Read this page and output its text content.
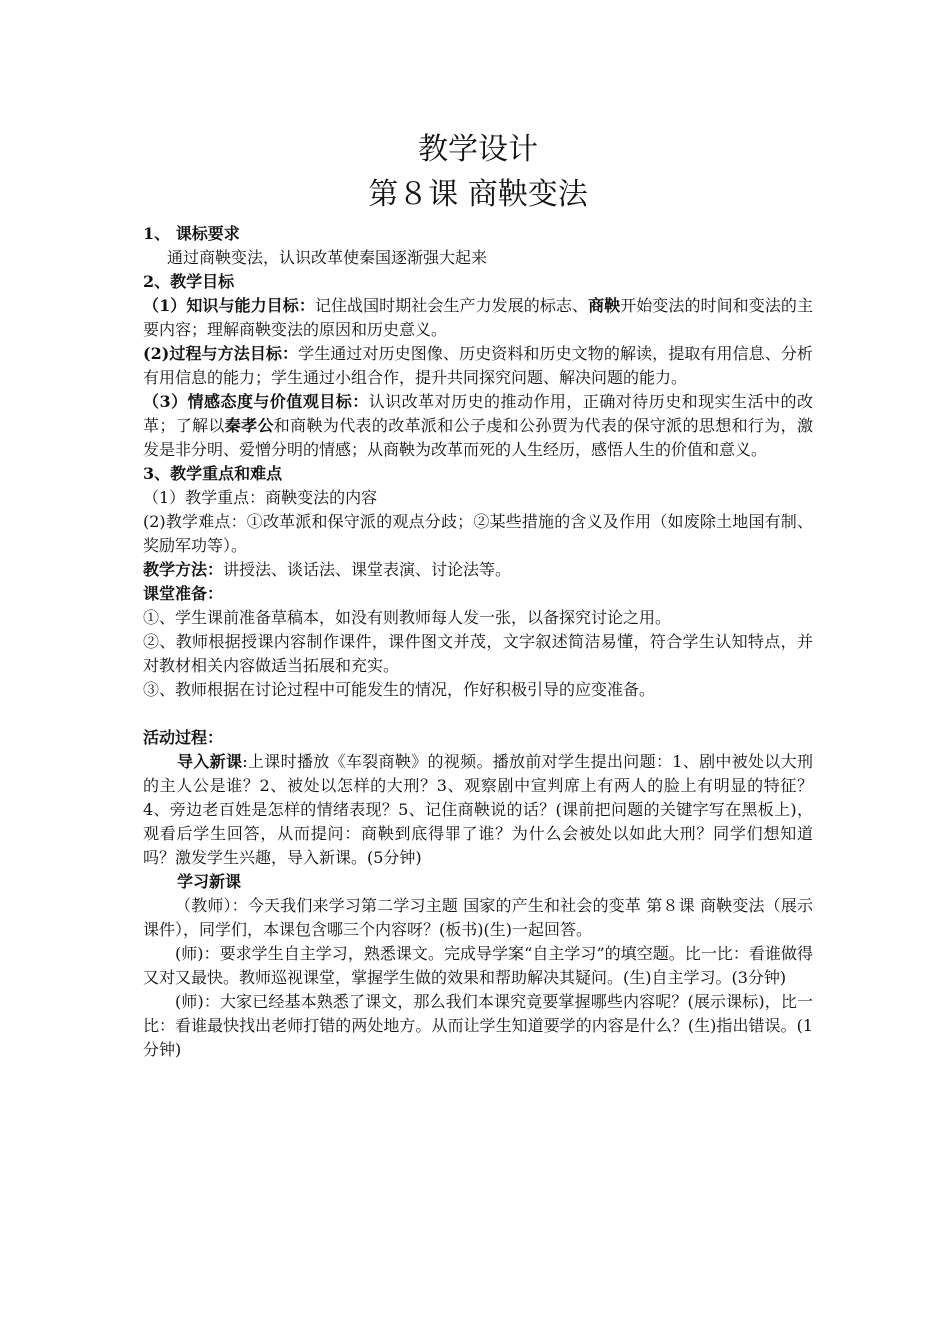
教学设计
第８课 商鞅变法

1、 课标要求

通过商鞅变法，认识改革使秦国逐渐强大起来

2、教学目标

（1）知识与能力目标：记住战国时期社会生产力发展的标志、商鞅开始变法的时间和变法的主要内容；理解商鞅变法的原因和历史意义。

(2)过程与方法目标：学生通过对历史图像、历史资料和历史文物的解读，提取有用信息、分析有用信息的能力；学生通过小组合作，提升共同探究问题、解决问题的能力。

（3）情感态度与价值观目标：认识改革对历史的推动作用，正确对待历史和现实生活中的改革；了解以秦孝公和商鞅为代表的改革派和公子虔和公孙贾为代表的保守派的思想和行为，激发是非分明、爱憎分明的情感；从商鞅为改革而死的人生经历，感悟人生的价值和意义。

3、教学重点和难点

（1）教学重点：商鞅变法的内容

(2)教学难点：①改革派和保守派的观点分歧；②某些措施的含义及作用（如废除土地国有制、奖励军功等）。

教学方法：讲授法、谈话法、课堂表演、讨论法等。

课堂准备：

①、学生课前准备草稿本，如没有则教师每人发一张，以备探究讨论之用。

②、教师根据授课内容制作课件，课件图文并茂，文字叙述简洁易懂，符合学生认知特点，并对教材相关内容做适当拓展和充实。

③、教师根据在讨论过程中可能发生的情况，作好积极引导的应变准备。

活动过程：

导入新课:上课时播放《车裂商鞅》的视频。播放前对学生提出问题：1、剧中被处以大刑的主人公是谁？2、被处以怎样的大刑？3、观察剧中宣判席上有两人的脸上有明显的特征？4、旁边老百姓是怎样的情绪表现？5、记住商鞅说的话？(课前把问题的关键字写在黑板上)，观看后学生回答，从而提问：商鞅到底得罪了谁？为什么会被处以如此大刑？同学们想知道吗？激发学生兴趣，导入新课。(5分钟)

学习新课

（教师）：今天我们来学习第二学习主题 国家的产生和社会的变革 第８课 商鞅变法（展示课件），同学们，本课包含哪三个内容呀？(板书)(生)一起回答。

(师)：要求学生自主学习，熟悉课文。完成导学案“自主学习”的填空题。比一比：看谁做得又对又最快。教师巡视课堂，掌握学生做的效果和帮助解决其疑问。(生)自主学习。(3分钟)

(师)：大家已经基本熟悉了课文，那么我们本课究竟要掌握哪些内容呢？(展示课标)，比一比：看谁最快找出老师打错的两处地方。从而让学生知道要学的内容是什么？(生)指出错误。(1分钟)
